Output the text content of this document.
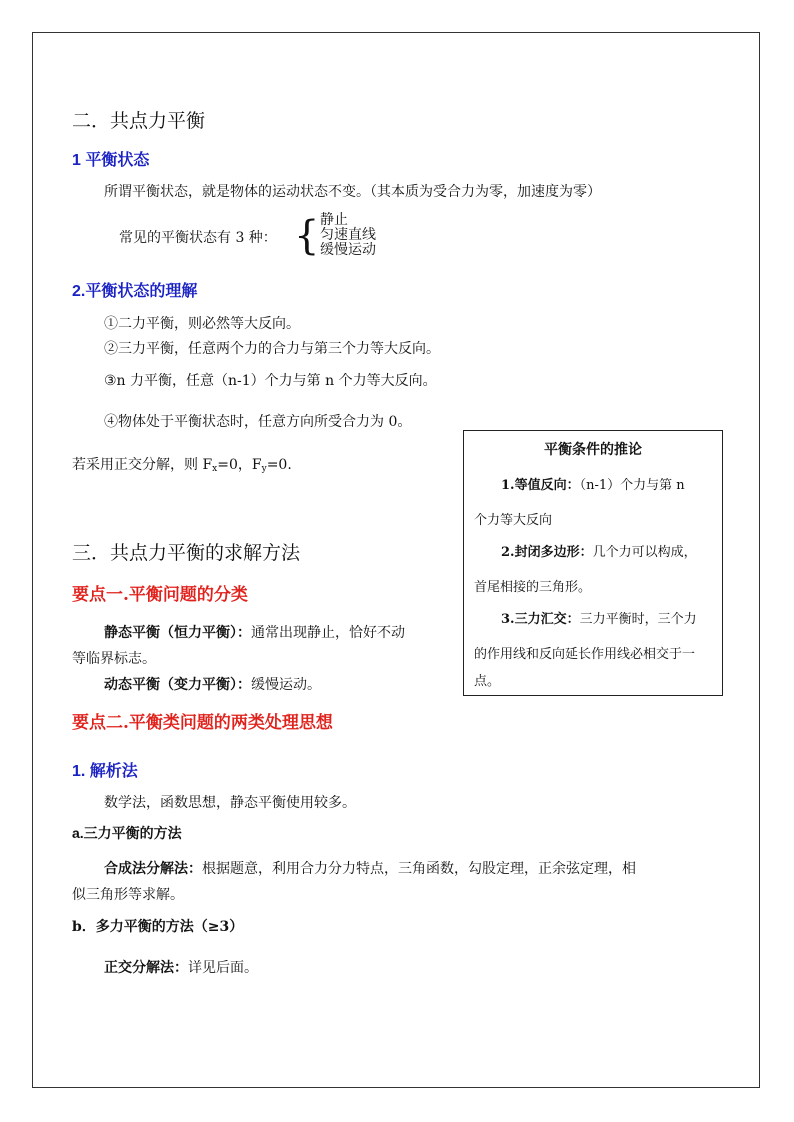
二．共点力平衡
1 平衡状态
所谓平衡状态，就是物体的运动状态不变。（其本质为受合力为零，加速度为零）
常见的平衡状态有 3 种： { 静止
匀速直线
缓慢运动
2.平衡状态的理解
①二力平衡，则必然等大反向。
②三力平衡，任意两个力的合力与第三个力等大反向。
③n 力平衡，任意（n-1）个力与第 n 个力等大反向。
④物体处于平衡状态时，任意方向所受合力为 0。
若采用正交分解，则 $F_x=0$，$F_y=0$.
平衡条件的推论
1.等值反向：（n-1）个力与第 n
个力等大反向
2.封闭多边形：几个力可以构成，
首尾相接的三角形。
3.三力汇交：三力平衡时，三个力
的作用线和反向延长作用线必相交于一
点。
三．共点力平衡的求解方法
要点一.平衡问题的分类
静态平衡（恒力平衡）：通常出现静止，恰好不动
等临界标志。
动态平衡（变力平衡）：缓慢运动。
要点二.平衡类问题的两类处理思想
1. 解析法
数学法，函数思想，静态平衡使用较多。
a.三力平衡的方法
合成法分解法：根据题意，利用合力分力特点，三角函数，勾股定理，正余弦定理，相
似三角形等求解。
b．多力平衡的方法（≥3）
正交分解法：详见后面。
